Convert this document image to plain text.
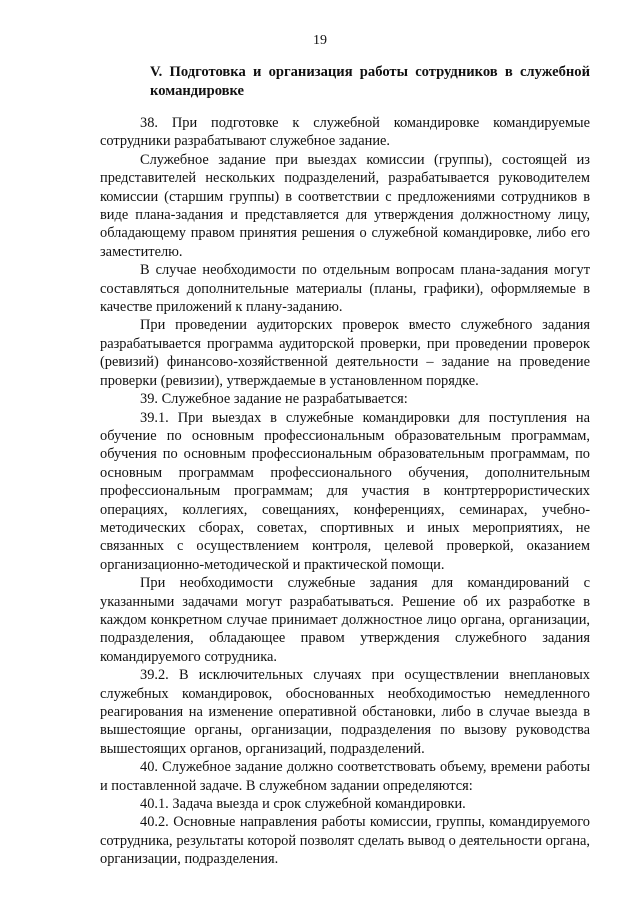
19
V. Подготовка и организация работы сотрудников в служебной командировке

38. При подготовке к служебной командировке командируемые сотрудники разрабатывают служебное задание.

Служебное задание при выездах комиссии (группы), состоящей из представителей нескольких подразделений, разрабатывается руководителем комиссии (старшим группы) в соответствии с предложениями сотрудников в виде плана-задания и представляется для утверждения должностному лицу, обладающему правом принятия решения о служебной командировке, либо его заместителю.

В случае необходимости по отдельным вопросам плана-задания могут составляться дополнительные материалы (планы, графики), оформляемые в качестве приложений к плану-заданию.

При проведении аудиторских проверок вместо служебного задания разрабатывается программа аудиторской проверки, при проведении проверок (ревизий) финансово-хозяйственной деятельности – задание на проведение проверки (ревизии), утверждаемые в установленном порядке.

39. Служебное задание не разрабатывается:

39.1. При выездах в служебные командировки для поступления на обучение по основным профессиональным образовательным программам, обучения по основным профессиональным образовательным программам, по основным программам профессионального обучения, дополнительным профессиональным программам; для участия в контртеррористических операциях, коллегиях, совещаниях, конференциях, семинарах, учебно-методических сборах, советах, спортивных и иных мероприятиях, не связанных с осуществлением контроля, целевой проверкой, оказанием организационно-методической и практической помощи.

При необходимости служебные задания для командирований с указанными задачами могут разрабатываться. Решение об их разработке в каждом конкретном случае принимает должностное лицо органа, организации, подразделения, обладающее правом утверждения служебного задания командируемого сотрудника.

39.2. В исключительных случаях при осуществлении внеплановых служебных командировок, обоснованных необходимостью немедленного реагирования на изменение оперативной обстановки, либо в случае выезда в вышестоящие органы, организации, подразделения по вызову руководства вышестоящих органов, организаций, подразделений.

40. Служебное задание должно соответствовать объему, времени работы и поставленной задаче. В служебном задании определяются:

40.1. Задача выезда и срок служебной командировки.

40.2. Основные направления работы комиссии, группы, командируемого сотрудника, результаты которой позволят сделать вывод о деятельности органа, организации, подразделения.
